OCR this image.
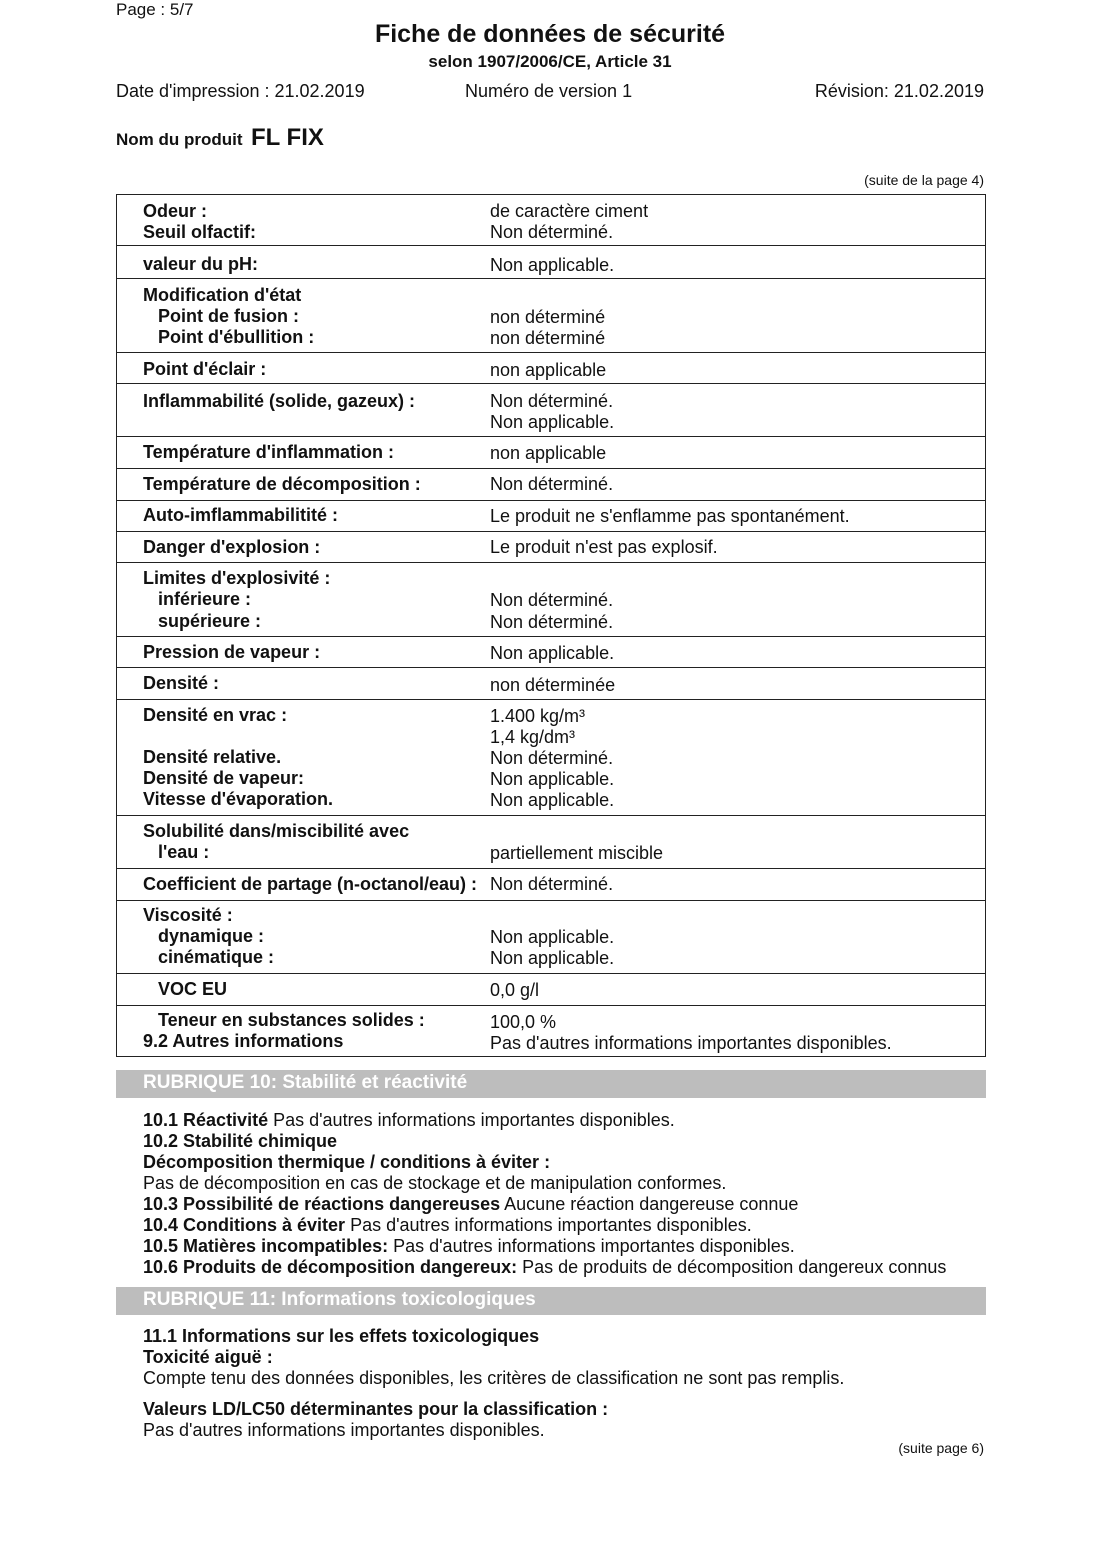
Page : 5/7
Fiche de données de sécurité
selon 1907/2006/CE, Article 31
Date d'impression : 21.02.2019	Numéro de version 1	Révision: 21.02.2019
Nom du produit FL FIX
(suite de la page 4)
Odeur :	de caractère ciment
Seuil olfactif:	Non déterminé.
valeur du pH:	Non applicable.
Modification d'état
Point de fusion :	non déterminé
Point d'ébullition :	non déterminé
Point d'éclair :	non applicable
Inflammabilité (solide, gazeux) :	Non déterminé.
Non applicable.
Température d'inflammation :	non applicable
Température de décomposition :	Non déterminé.
Auto-imflammabilitité :	Le produit ne s'enflamme pas spontanément.
Danger d'explosion :	Le produit n'est pas explosif.
Limites d'explosivité :
inférieure :	Non déterminé.
supérieure :	Non déterminé.
Pression de vapeur :	Non applicable.
Densité :	non déterminée
Densité en vrac :	1.400 kg/m³
1,4 kg/dm³
Densité relative.	Non déterminé.
Densité de vapeur:	Non applicable.
Vitesse d'évaporation.	Non applicable.
Solubilité dans/miscibilité avec
l'eau :	partiellement miscible
Coefficient de partage (n-octanol/eau) : Non déterminé.
Viscosité :
dynamique :	Non applicable.
cinématique :	Non applicable.
VOC EU	0,0 g/l
Teneur en substances solides :	100,0 %
9.2 Autres informations	Pas d'autres informations importantes disponibles.
RUBRIQUE 10: Stabilité et réactivité
10.1 Réactivité Pas d'autres informations importantes disponibles.
10.2 Stabilité chimique
Décomposition thermique / conditions à éviter :
Pas de décomposition en cas de stockage et de manipulation conformes.
10.3 Possibilité de réactions dangereuses Aucune réaction dangereuse connue
10.4 Conditions à éviter Pas d'autres informations importantes disponibles.
10.5 Matières incompatibles: Pas d'autres informations importantes disponibles.
10.6 Produits de décomposition dangereux: Pas de produits de décomposition dangereux connus
RUBRIQUE 11: Informations toxicologiques
11.1 Informations sur les effets toxicologiques
Toxicité aiguë :
Compte tenu des données disponibles, les critères de classification ne sont pas remplis.
Valeurs LD/LC50 déterminantes pour la classification :
Pas d'autres informations importantes disponibles.
(suite page 6)
